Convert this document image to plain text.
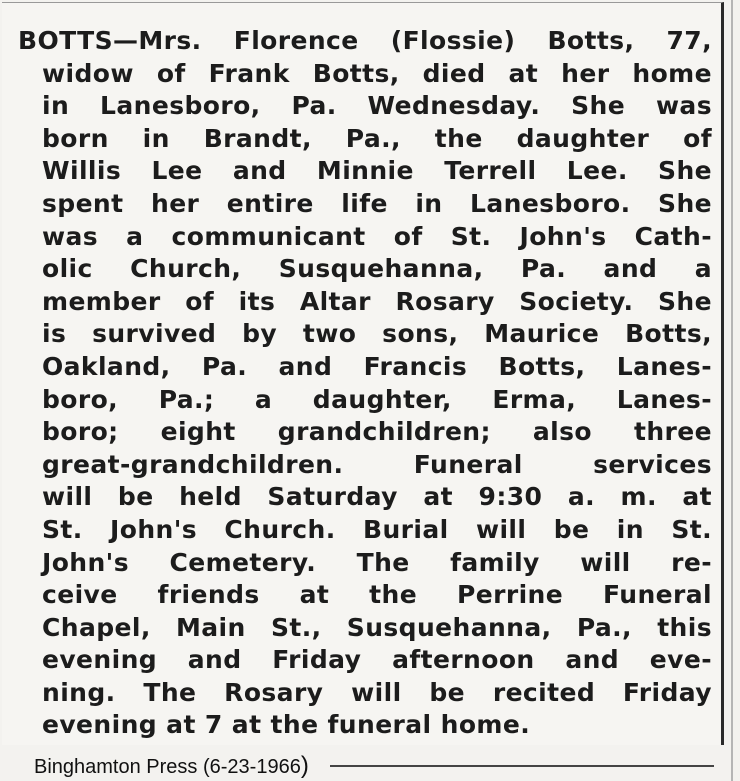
BOTTS—Mrs. Florence (Flossie) Botts, 77,
widow of Frank Botts, died at her home
in Lanesboro, Pa. Wednesday. She was
born in Brandt, Pa., the daughter of
Willis Lee and Minnie Terrell Lee. She
spent her entire life in Lanesboro. She
was a communicant of St. John's Cath-
olic Church, Susquehanna, Pa. and a
member of its Altar Rosary Society. She
is survived by two sons, Maurice Botts,
Oakland, Pa. and Francis Botts, Lanes-
boro, Pa.; a daughter, Erma, Lanes-
boro; eight grandchildren; also three
great-grandchildren. Funeral services
will be held Saturday at 9:30 a. m. at
St. John's Church. Burial will be in St.
John's Cemetery. The family will re-
ceive friends at the Perrine Funeral
Chapel, Main St., Susquehanna, Pa., this
evening and Friday afternoon and eve-
ning. The Rosary will be recited Friday
evening at 7 at the funeral home.
Binghamton Press (6-23-1966)
